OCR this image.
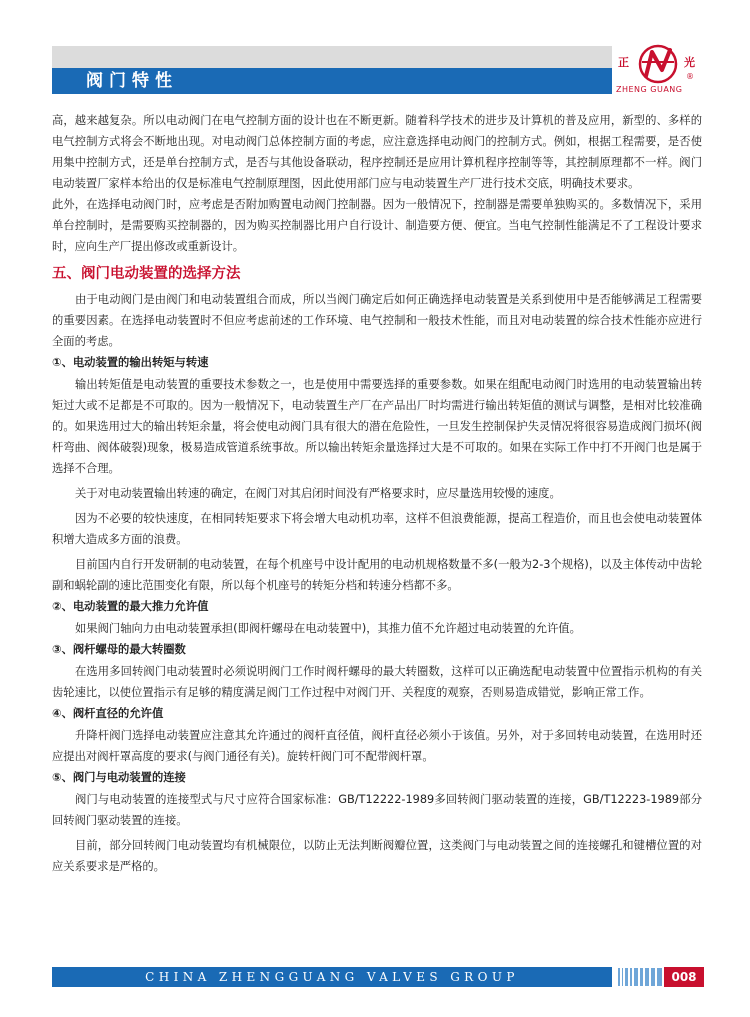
阀门特性
正	光
®
ZHENG GUANG

高，越来越复杂。所以电动阀门在电气控制方面的设计也在不断更新。随着科学技术的进步及计算机的普及应用，新型的、多样的电气控制方式将会不断地出现。对电动阀门总体控制方面的考虑，应注意选择电动阀门的控制方式。例如，根据工程需要，是否使用集中控制方式，还是单台控制方式，是否与其他设备联动，程序控制还是应用计算机程序控制等等，其控制原理都不一样。阀门电动装置厂家样本给出的仅是标准电气控制原理图，因此使用部门应与电动装置生产厂进行技术交底，明确技术要求。

此外，在选择电动阀门时，应考虑是否附加购置电动阀门控制器。因为一般情况下，控制器是需要单独购买的。多数情况下，采用单台控制时，是需要购买控制器的，因为购买控制器比用户自行设计、制造要方便、便宜。当电气控制性能满足不了工程设计要求时，应向生产厂提出修改或重新设计。

五、阀门电动装置的选择方法

由于电动阀门是由阀门和电动装置组合而成，所以当阀门确定后如何正确选择电动装置是关系到使用中是否能够满足工程需要的重要因素。在选择电动装置时不但应考虑前述的工作环境、电气控制和一般技术性能，而且对电动装置的综合技术性能亦应进行全面的考虑。

①、电动装置的输出转矩与转速

输出转矩值是电动装置的重要技术参数之一，也是使用中需要选择的重要参数。如果在组配电动阀门时选用的电动装置输出转矩过大或不足都是不可取的。因为一般情况下，电动装置生产厂在产品出厂时均需进行输出转矩值的测试与调整，是相对比较准确的。如果选用过大的输出转矩余量，将会使电动阀门具有很大的潜在危险性，一旦发生控制保护失灵情况将很容易造成阀门损坏(阀杆弯曲、阀体破裂)现象，极易造成管道系统事故。所以输出转矩余量选择过大是不可取的。如果在实际工作中打不开阀门也是属于选择不合理。

关于对电动装置输出转速的确定，在阀门对其启闭时间没有严格要求时，应尽量选用较慢的速度。

因为不必要的较快速度，在相同转矩要求下将会增大电动机功率，这样不但浪费能源，提高工程造价，而且也会使电动装置体积增大造成多方面的浪费。

目前国内自行开发研制的电动装置，在每个机座号中设计配用的电动机规格数量不多(一般为2-3个规格)，以及主体传动中齿轮副和蜗轮副的速比范围变化有限，所以每个机座号的转矩分档和转速分档都不多。

②、电动装置的最大推力允许值

如果阀门轴向力由电动装置承担(即阀杆螺母在电动装置中)，其推力值不允许超过电动装置的允许值。

③、阀杆螺母的最大转圈数

在选用多回转阀门电动装置时必须说明阀门工作时阀杆螺母的最大转圈数，这样可以正确选配电动装置中位置指示机构的有关齿轮速比，以使位置指示有足够的精度满足阀门工作过程中对阀门开、关程度的观察，否则易造成错觉，影响正常工作。

④、阀杆直径的允许值

升降杆阀门选择电动装置应注意其允许通过的阀杆直径值，阀杆直径必须小于该值。另外，对于多回转电动装置，在选用时还应提出对阀杆罩高度的要求(与阀门通径有关)。旋转杆阀门可不配带阀杆罩。

⑤、阀门与电动装置的连接

阀门与电动装置的连接型式与尺寸应符合国家标准：GB/T12222-1989多回转阀门驱动装置的连接，GB/T12223-1989部分回转阀门驱动装置的连接。

目前，部分回转阀门电动装置均有机械限位，以防止无法判断阀瓣位置，这类阀门与电动装置之间的连接螺孔和键槽位置的对应关系要求是严格的。

CHINA ZHENGGUANG VALVES GROUP	008
